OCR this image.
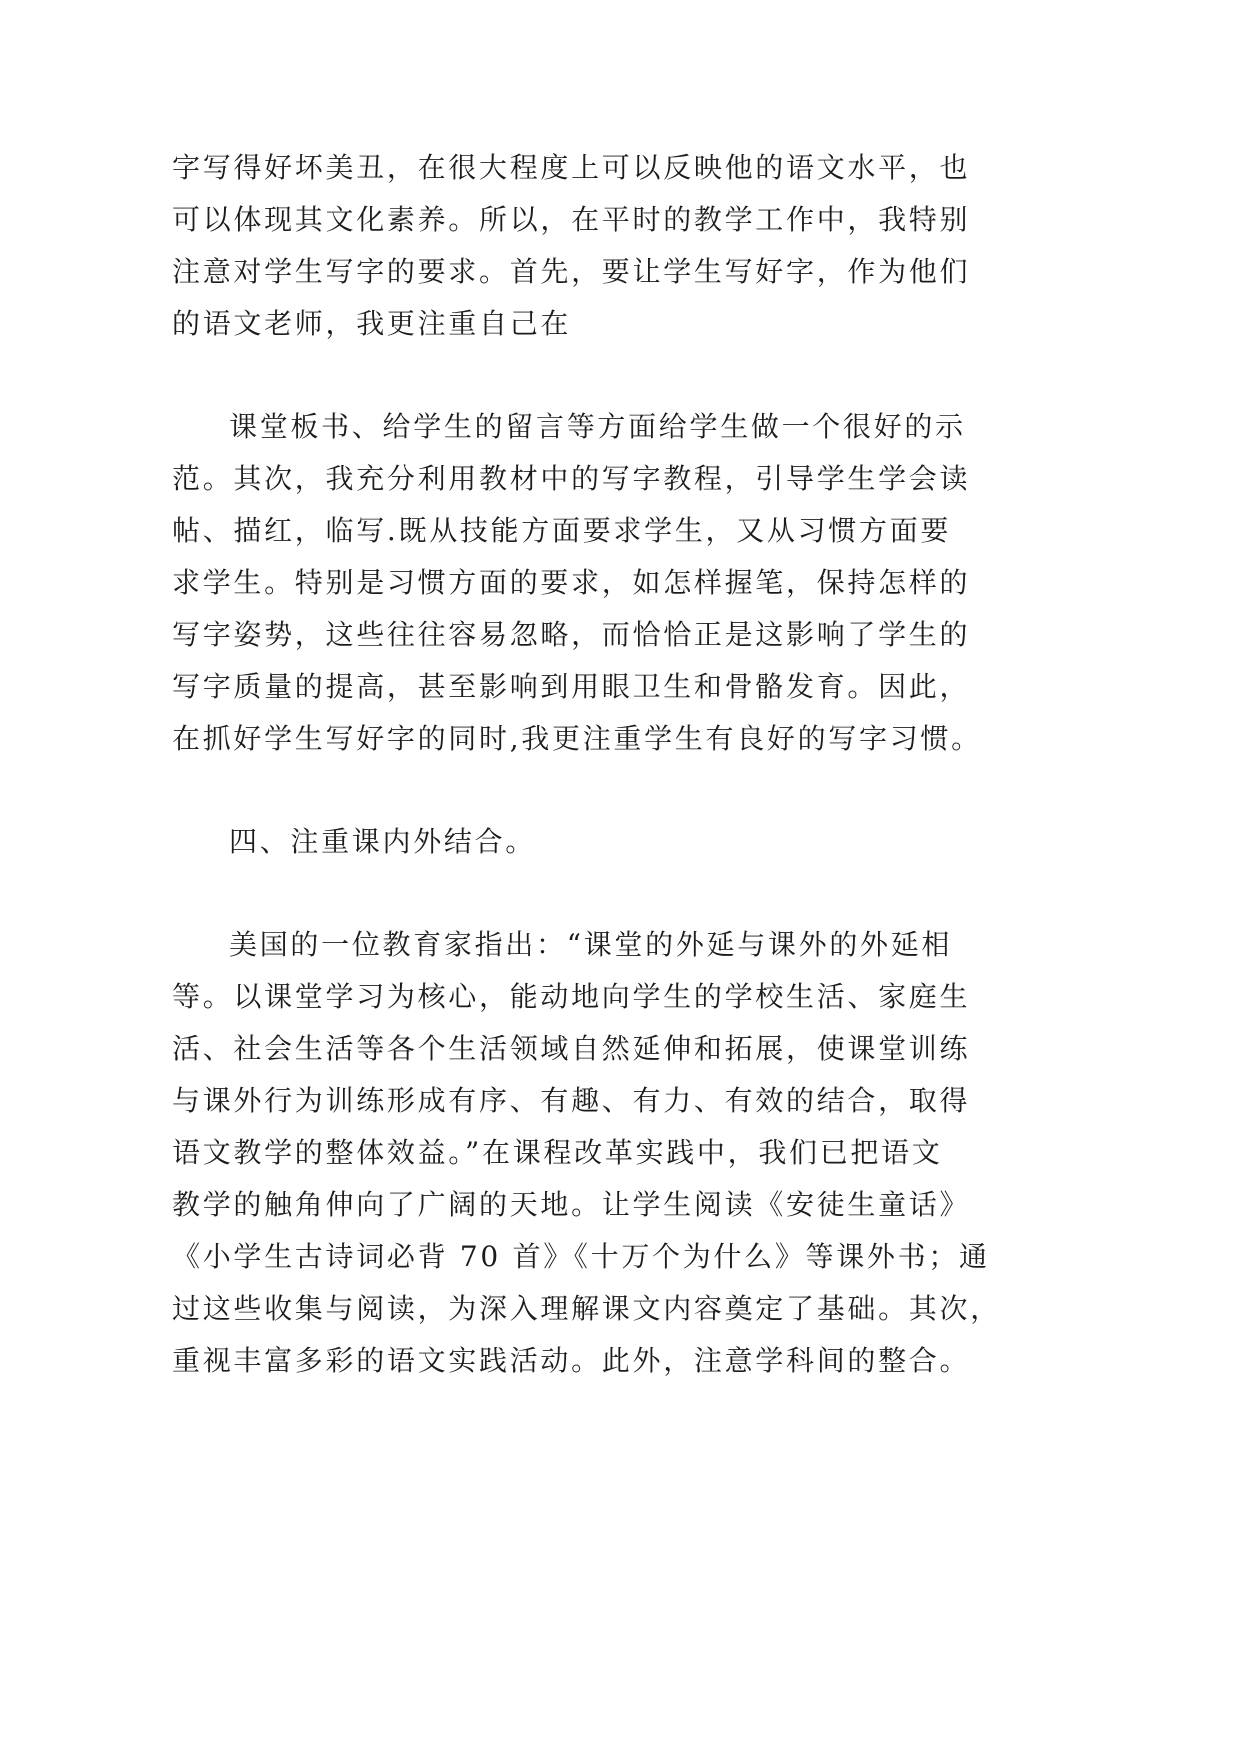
字写得好坏美丑，在很大程度上可以反映他的语文水平，也
可以体现其文化素养。所以，在平时的教学工作中，我特别
注意对学生写字的要求。首先，要让学生写好字，作为他们
的语文老师，我更注重自己在
课堂板书、给学生的留言等方面给学生做一个很好的示
范。其次，我充分利用教材中的写字教程，引导学生学会读
帖、描红，临写.既从技能方面要求学生，又从习惯方面要
求学生。特别是习惯方面的要求，如怎样握笔，保持怎样的
写字姿势，这些往往容易忽略，而恰恰正是这影响了学生的
写字质量的提高，甚至影响到用眼卫生和骨骼发育。因此，
在抓好学生写好字的同时,我更注重学生有良好的写字习惯。
四、注重课内外结合。
美国的一位教育家指出：“课堂的外延与课外的外延相
等。以课堂学习为核心，能动地向学生的学校生活、家庭生
活、社会生活等各个生活领域自然延伸和拓展，使课堂训练
与课外行为训练形成有序、有趣、有力、有效的结合，取得
语文教学的整体效益。”在课程改革实践中，我们已把语文
教学的触角伸向了广阔的天地。让学生阅读《安徒生童话》
《小学生古诗词必背 70 首》《十万个为什么》等课外书；通
过这些收集与阅读，为深入理解课文内容奠定了基础。其次，
重视丰富多彩的语文实践活动。此外，注意学科间的整合。
